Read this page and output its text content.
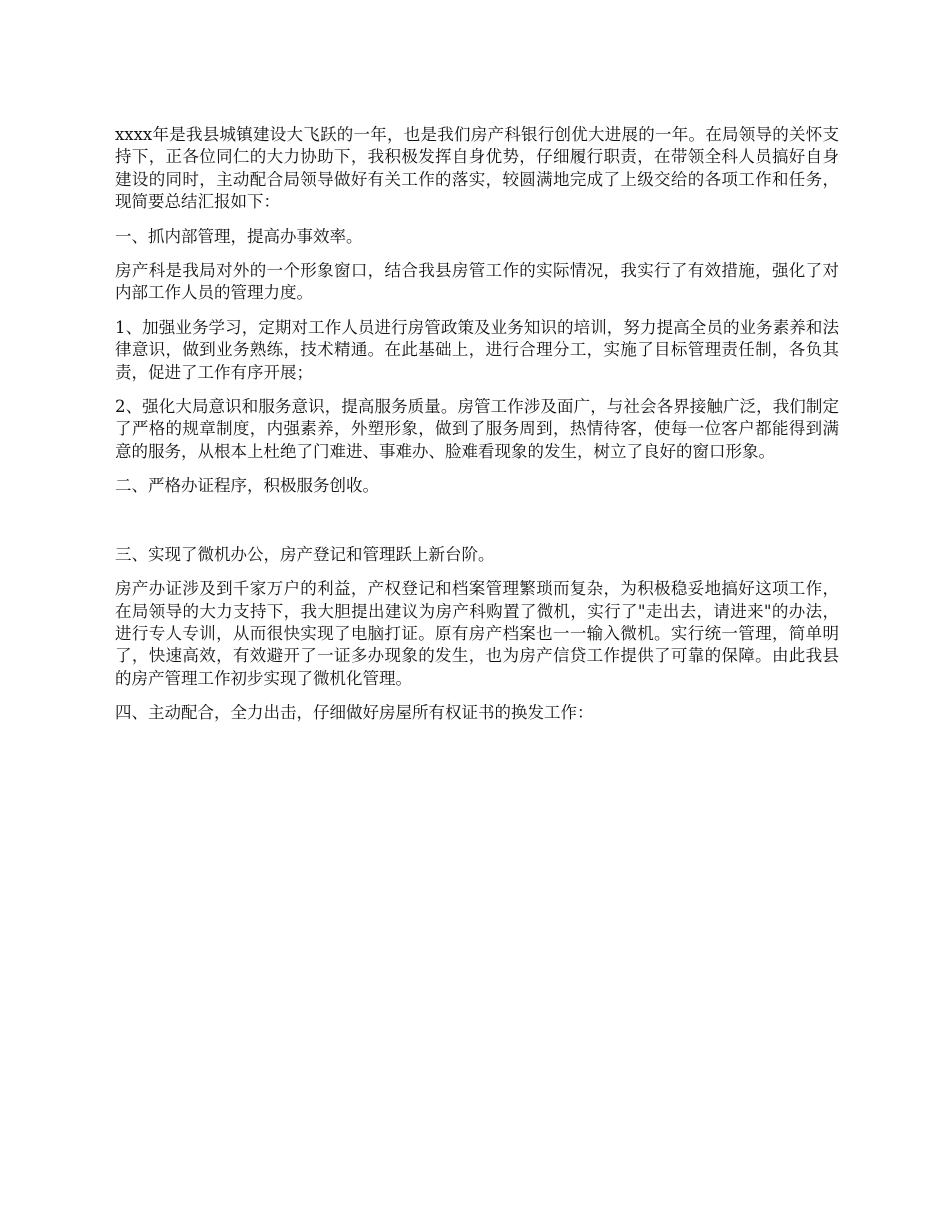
xxxx年是我县城镇建设大飞跃的一年，也是我们房产科银行创优大进展的一年。在局领导的关怀支持下，正各位同仁的大力协助下，我积极发挥自身优势，仔细履行职责，在带领全科人员搞好自身建设的同时，主动配合局领导做好有关工作的落实，较圆满地完成了上级交给的各项工作和任务，现简要总结汇报如下：

一、抓内部管理，提高办事效率。

房产科是我局对外的一个形象窗口，结合我县房管工作的实际情况，我实行了有效措施，强化了对内部工作人员的管理力度。

1、加强业务学习，定期对工作人员进行房管政策及业务知识的培训，努力提高全员的业务素养和法律意识，做到业务熟练，技术精通。在此基础上，进行合理分工，实施了目标管理责任制，各负其责，促进了工作有序开展；

2、强化大局意识和服务意识，提高服务质量。房管工作涉及面广，与社会各界接触广泛，我们制定了严格的规章制度，内强素养，外塑形象，做到了服务周到，热情待客，使每一位客户都能得到满意的服务，从根本上杜绝了门难进、事难办、脸难看现象的发生，树立了良好的窗口形象。

二、严格办证程序，积极服务创收。

三、实现了微机办公，房产登记和管理跃上新台阶。

房产办证涉及到千家万户的利益，产权登记和档案管理繁琐而复杂，为积极稳妥地搞好这项工作，在局领导的大力支持下，我大胆提出建议为房产科购置了微机，实行了"走出去，请进来"的办法，进行专人专训，从而很快实现了电脑打证。原有房产档案也一一输入微机。实行统一管理，简单明了，快速高效，有效避开了一证多办现象的发生，也为房产信贷工作提供了可靠的保障。由此我县的房产管理工作初步实现了微机化管理。

四、主动配合，全力出击，仔细做好房屋所有权证书的换发工作：
